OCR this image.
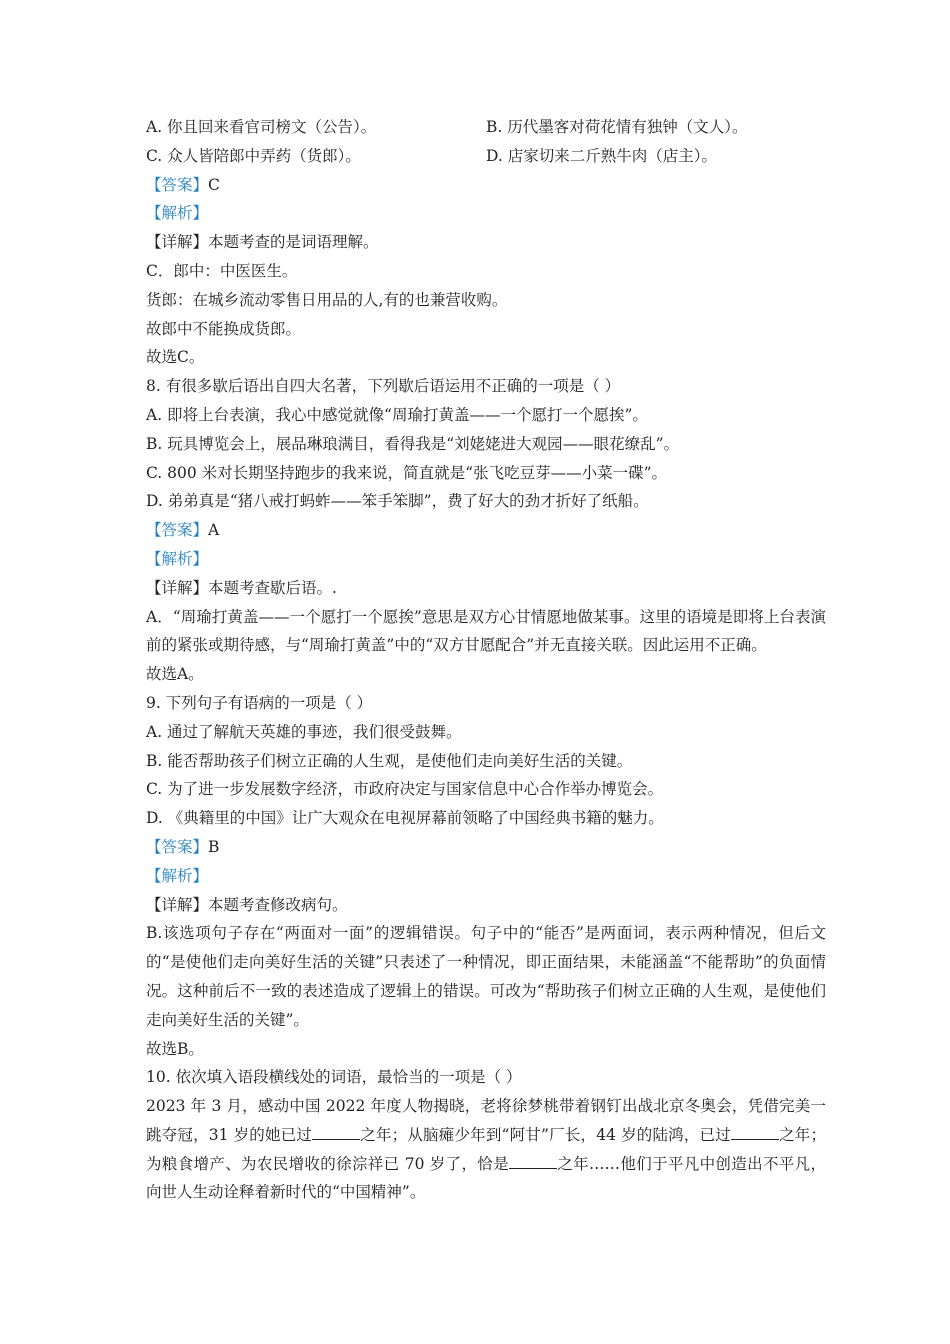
A. 你且回来看官司榜文（公告）。	B. 历代墨客对荷花情有独钟（文人）。
C. 众人皆陪郎中弄药（货郎）。	D. 店家切来二斤熟牛肉（店主）。
【答案】C
【解析】
【详解】本题考查的是词语理解。
C．郎中：中医医生。
货郎：在城乡流动零售日用品的人,有的也兼营收购。
故郎中不能换成货郎。
故选C。
8. 有很多歇后语出自四大名著，下列歇后语运用不正确的一项是（ ）
A. 即将上台表演，我心中感觉就像“周瑜打黄盖——一个愿打一个愿挨”。
B. 玩具博览会上，展品琳琅满目，看得我是“刘姥姥进大观园——眼花缭乱”。
C. 800 米对长期坚持跑步的我来说，简直就是“张飞吃豆芽——小菜一碟”。
D. 弟弟真是“猪八戒打蚂蚱——笨手笨脚”，费了好大的劲才折好了纸船。
【答案】A
【解析】
【详解】本题考查歇后语。.
A．“周瑜打黄盖——一个愿打一个愿挨”意思是双方心甘情愿地做某事。这里的语境是即将上台表演前的紧张或期待感，与“周瑜打黄盖”中的“双方甘愿配合”并无直接关联。因此运用不正确。
故选A。
9. 下列句子有语病的一项是（ ）
A. 通过了解航天英雄的事迹，我们很受鼓舞。
B. 能否帮助孩子们树立正确的人生观，是使他们走向美好生活的关键。
C. 为了进一步发展数字经济，市政府决定与国家信息中心合作举办博览会。
D. 《典籍里的中国》让广大观众在电视屏幕前领略了中国经典书籍的魅力。
【答案】B
【解析】
【详解】本题考查修改病句。
B.该选项句子存在“两面对一面”的逻辑错误。句子中的“能否”是两面词，表示两种情况，但后文的“是使他们走向美好生活的关键”只表述了一种情况，即正面结果，未能涵盖“不能帮助”的负面情况。这种前后不一致的表述造成了逻辑上的错误。可改为“帮助孩子们树立正确的人生观，是使他们走向美好生活的关键”。
故选B。
10. 依次填入语段横线处的词语，最恰当的一项是（ ）
2023 年 3 月，感动中国 2022 年度人物揭晓，老将徐梦桃带着钢钉出战北京冬奥会，凭借完美一跳夺冠，31 岁的她已过	之年；从脑瘫少年到“阿甘”厂长，44 岁的陆鸿，已过	之年；为粮食增产、为农民增收的徐淙祥已 70 岁了，恰是	之年……他们于平凡中创造出不平凡，向世人生动诠释着新时代的“中国精神”。
